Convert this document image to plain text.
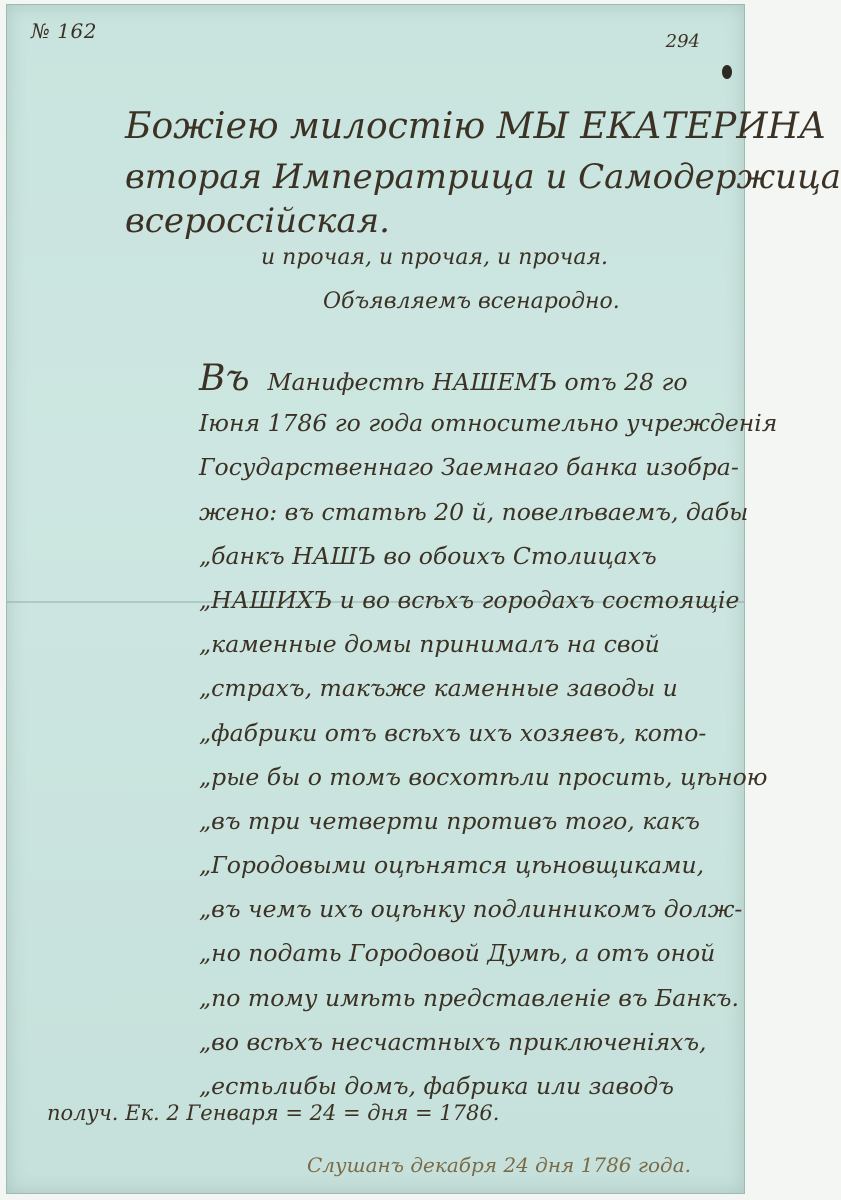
№ 162	294
Божiею милостiю МЫ ЕКАТЕРИНА
вторая Императрица и Самодержица
всероссiйская.
и прочая, и прочая, и прочая.
Объявляемъ всенародно.
Въ Манифестѣ НАШЕМЪ отъ 28 го
Iюня 1786 го года относительно учрежденiя
Государственнаго Заемнаго банка изобра-
жено: въ статьѣ 20 й, повелѣваемъ, дабы
„банкъ НАШЪ во обоихъ Столицахъ
„НАШИХЪ и во всѣхъ городахъ состоящiе
„каменные домы принималъ на свой
„страхъ, такъже каменные заводы и
„фабрики отъ всѣхъ ихъ хозяевъ, кото-
„рые бы о томъ восхотѣли просить, цѣною
„въ три четверти противъ того, какъ
„Городовыми оцѣнятся цѣновщиками,
„въ чемъ ихъ оцѣнку подлинникомъ долж-
„но подать Городовой Думѣ, а отъ оной
„по тому имѣть представленiе въ Банкъ.
„во всѣхъ несчастныхъ приключенiяхъ,
„естьлибы домъ, фабрика или заводъ
получ. Ек. 2 Генваря = 24 = дня = 1786.
Слушанъ декабря 24 дня 1786 года.
